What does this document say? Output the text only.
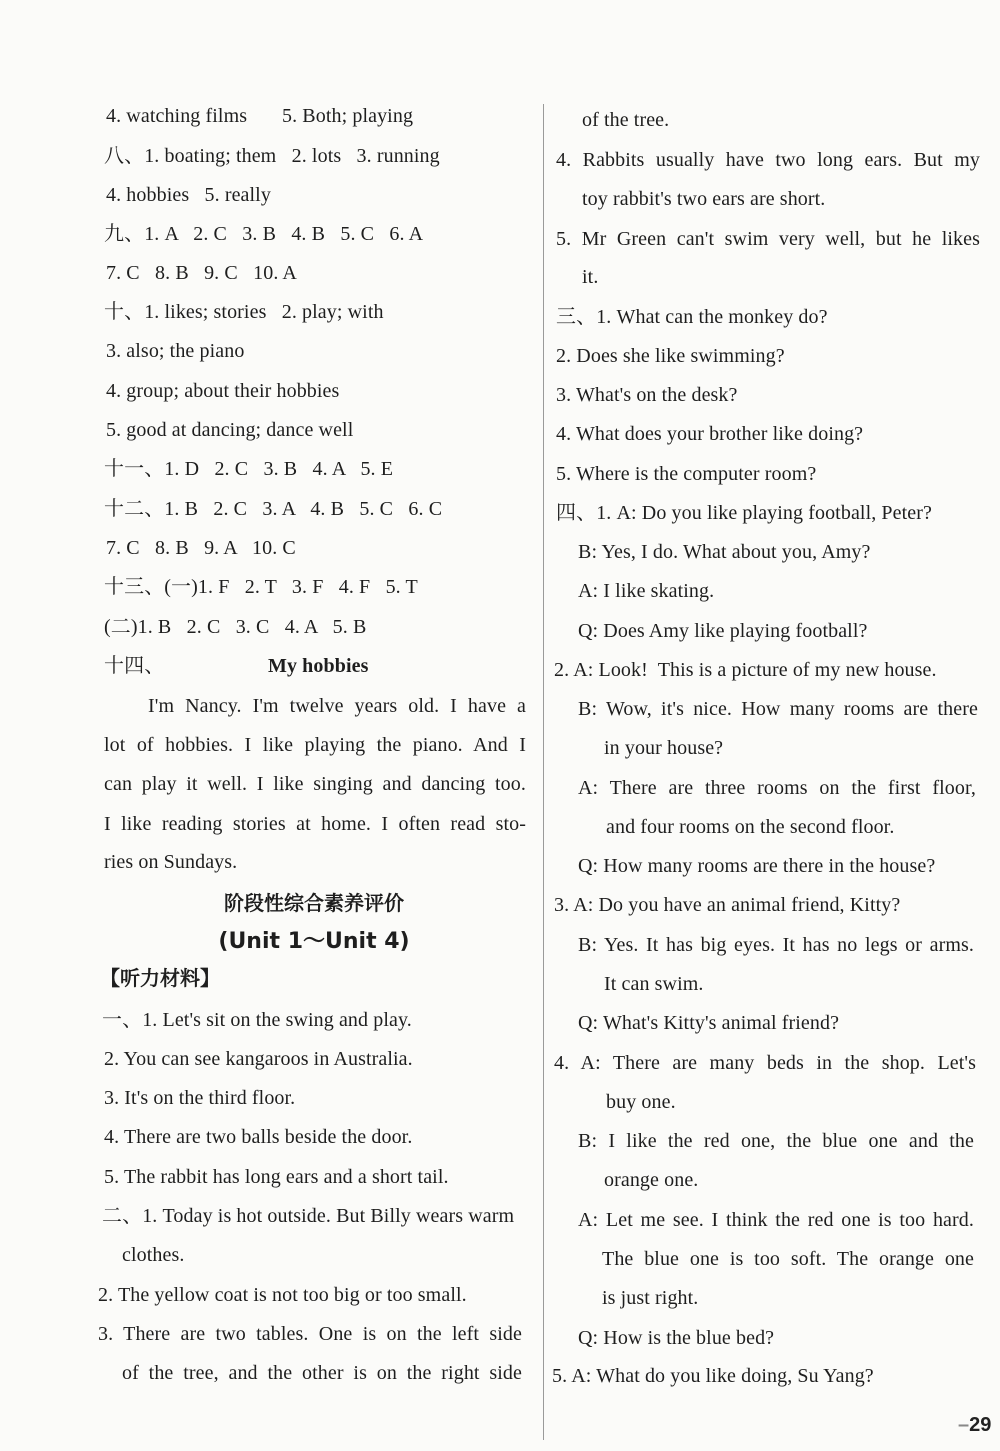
4. watching films 5. Both; playing
八、1. boating; them   2. lots   3. running
4. hobbies   5. really
九、1. A   2. C   3. B   4. B   5. C   6. A
7. C   8. B   9. C   10. A
十、1. likes; stories   2. play; with
3. also; the piano
4. group; about their hobbies
5. good at dancing; dance well
十一、1. D   2. C   3. B   4. A   5. E
十二、1. B   2. C   3. A   4. B   5. C   6. C
7. C   8. B   9. A   10. C
十三、(一)1. F   2. T   3. F   4. F   5. T
(二)1. B   2. C   3. C   4. A   5. B
十四、	My hobbies
I'm Nancy. I'm twelve years old. I have a
lot of hobbies. I like playing the piano. And I
can play it well. I like singing and dancing too.
I like reading stories at home. I often read sto-
ries on Sundays.
阶段性综合素养评价
(Unit 1～Unit 4)
【听力材料】
一、1. Let's sit on the swing and play.
2. You can see kangaroos in Australia.
3. It's on the third floor.
4. There are two balls beside the door.
5. The rabbit has long ears and a short tail.
二、1. Today is hot outside. But Billy wears warm
clothes.
2. The yellow coat is not too big or too small.
3. There are two tables. One is on the left side
of the tree, and the other is on the right side
of the tree.
4. Rabbits usually have two long ears. But my
toy rabbit's two ears are short.
5. Mr Green can't swim very well, but he likes
it.
三、1. What can the monkey do?
2. Does she like swimming?
3. What's on the desk?
4. What does your brother like doing?
5. Where is the computer room?
四、1. A: Do you like playing football, Peter?
B: Yes, I do. What about you, Amy?
A: I like skating.
Q: Does Amy like playing football?
2. A: Look!  This is a picture of my new house.
B: Wow, it's nice. How many rooms are there
in your house?
A: There are three rooms on the first floor,
and four rooms on the second floor.
Q: How many rooms are there in the house?
3. A: Do you have an animal friend, Kitty?
B: Yes. It has big eyes. It has no legs or arms.
It can swim.
Q: What's Kitty's animal friend?
4. A: There are many beds in the shop. Let's
buy one.
B: I like the red one, the blue one and the
orange one.
A: Let me see. I think the red one is too hard.
The blue one is too soft. The orange one
is just right.
Q: How is the blue bed?
5. A: What do you like doing, Su Yang?
–29
